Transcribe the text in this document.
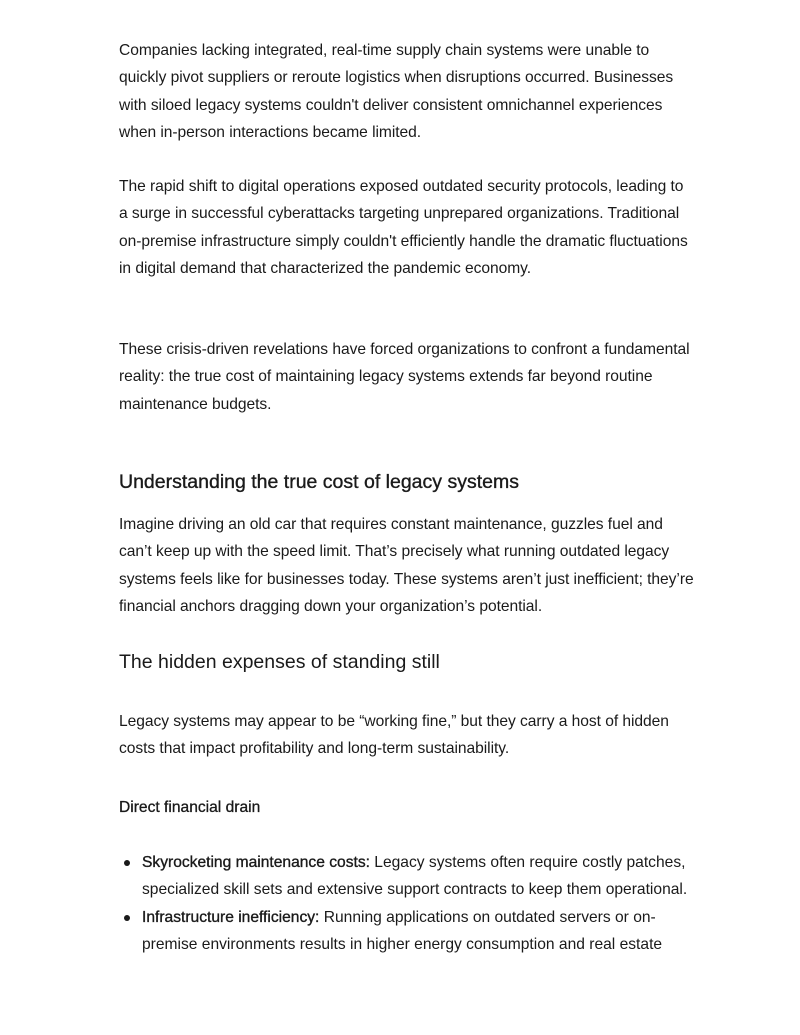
Companies lacking integrated, real-time supply chain systems were unable to quickly pivot suppliers or reroute logistics when disruptions occurred. Businesses with siloed legacy systems couldn't deliver consistent omnichannel experiences when in-person interactions became limited.

The rapid shift to digital operations exposed outdated security protocols, leading to a surge in successful cyberattacks targeting unprepared organizations. Traditional on-premise infrastructure simply couldn't efficiently handle the dramatic fluctuations in digital demand that characterized the pandemic economy.

These crisis-driven revelations have forced organizations to confront a fundamental reality: the true cost of maintaining legacy systems extends far beyond routine maintenance budgets.

Understanding the true cost of legacy systems

Imagine driving an old car that requires constant maintenance, guzzles fuel and can’t keep up with the speed limit. That’s precisely what running outdated legacy systems feels like for businesses today. These systems aren’t just inefficient; they’re financial anchors dragging down your organization’s potential.

The hidden expenses of standing still

Legacy systems may appear to be “working fine,” but they carry a host of hidden costs that impact profitability and long-term sustainability.

Direct financial drain
Skyrocketing maintenance costs: Legacy systems often require costly patches, specialized skill sets and extensive support contracts to keep them operational.
Infrastructure inefficiency: Running applications on outdated servers or on-premise environments results in higher energy consumption and real estate
